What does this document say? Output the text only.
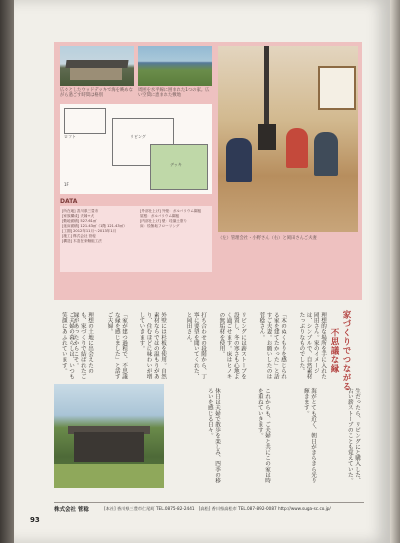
広々としたウッドデッキで海を眺めながら過ごす時間は格別
周囲を水平線に囲まれた1つの家。広い空間に恵まれた敷地
（左）管理会社・小野さん（右）と岡田さんご夫妻
ロフト	リビング
デッキ
1F
DATA
[所在地] 香川県三豊市
[家族構成] 夫婦+犬
[敷地面積] 527.61㎡
[延床面積] 121.43㎡（1階 121.43㎡）
[工期] 2012年11月〜2013年1月
[施工] 株式会社 菅稔
[構造] 木造在来軸組工法
[外部仕上げ] 外壁：ガルバリウム鋼板
屋根：ガルバリウム鋼板
[内部仕上げ] 壁：珪藻土塗り
床：桧無垢フローリング
家づくりでつながる
不思議な縁
理想的な場所を手に入れた岡田さん。家のイメージは、シンプルで、自然素材たっぷりなものでした。
「木のぬくもりを感じられる家を建てたかった」と話すご夫妻。お願いしたのは菅稔さん。
リビングには薪ストーブを設置し、冬の寒さも心地よく過ごせます。床はヒノキの無垢材を使用。
打ち合わせの段階から、丁寧に要望を聞いてくれた、と岡田さん。
外壁には杉板を使用。自然素材ならではの温もりがあり、住むほどに味わいが増していきます。
「家が建つ過程で、不思議な縁を感じました」と話すご夫婦。
理想の土地に出会えたのも、家づくりで結ばれたご縁があったからこそ。
ご夫婦の暮らしは、いつも笑顔にあふれています。
生だったら、リビングにと購入した、古い薪ストーブのことも覚えていた。
海がとても近く、朝日がきらきら光り輝きます。
これからも、ご夫婦と共にこの家は時を重ねていきます。
休日は夫婦で散歩を楽しみ、四季の移ろいを感じる日々。
株式会社 菅稔	[本社] 香川県三豊市仁尾町 TEL.0875-82-2441　[高松] 香川県高松市 TEL.087-892-0087 http://www.suga-sc.co.jp/
93
